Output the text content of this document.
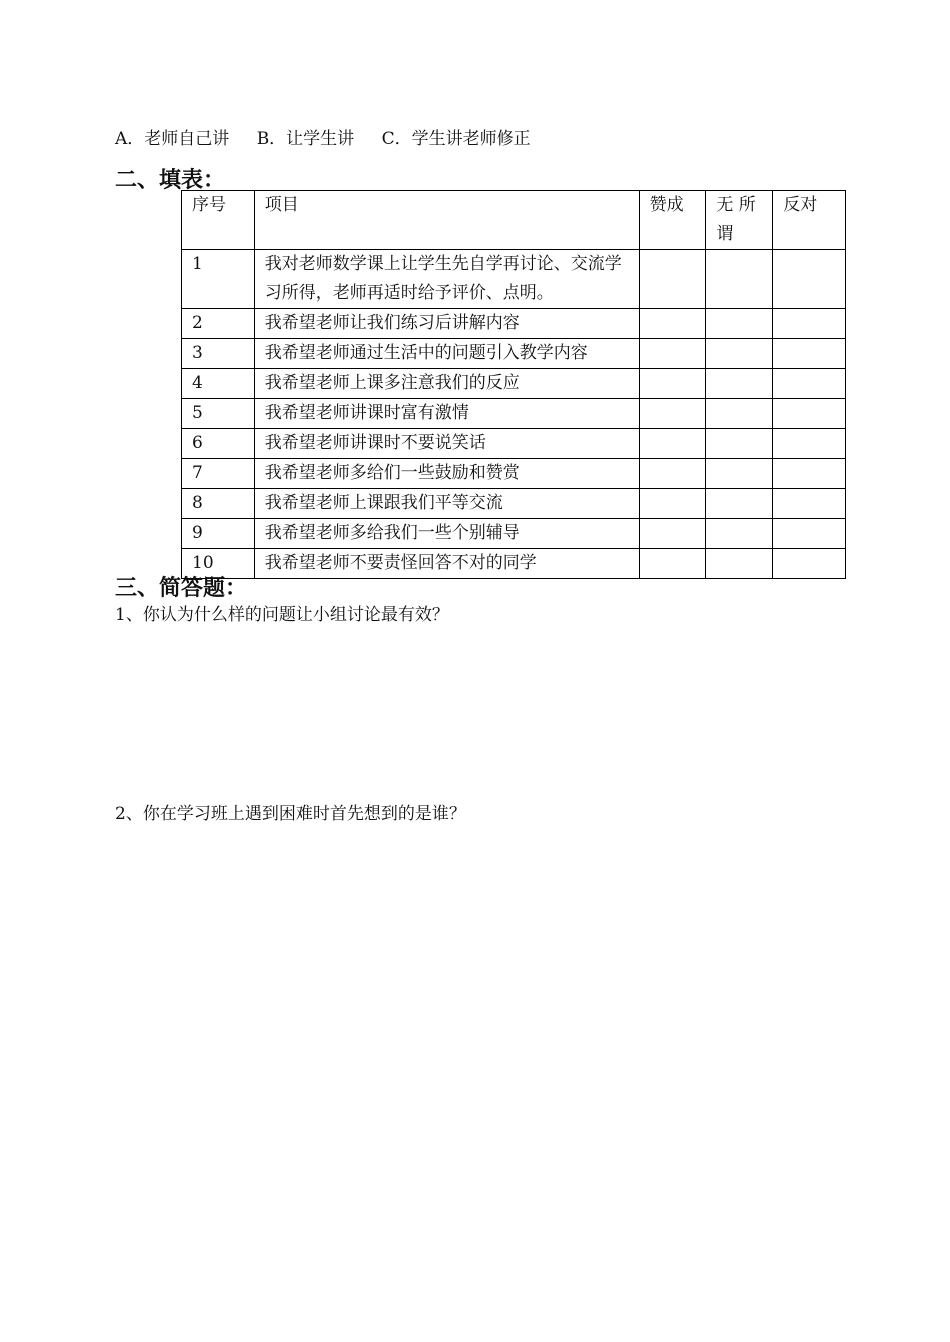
A．老师自己讲 B．让学生讲 C．学生讲老师修正
二、填表：
序号	项目	赞成	无 所谓	反对
1	我对老师数学课上让学生先自学再讨论、交流学习所得，老师再适时给予评价、点明。			
2	我希望老师让我们练习后讲解内容			
3	我希望老师通过生活中的问题引入教学内容			
4	我希望老师上课多注意我们的反应			
5	我希望老师讲课时富有激情			
6	我希望老师讲课时不要说笑话			
7	我希望老师多给们一些鼓励和赞赏			
8	我希望老师上课跟我们平等交流			
9	我希望老师多给我们一些个别辅导			
10	我希望老师不要责怪回答不对的同学			
三、简答题：
1、你认为什么样的问题让小组讨论最有效？
2、你在学习班上遇到困难时首先想到的是谁？
